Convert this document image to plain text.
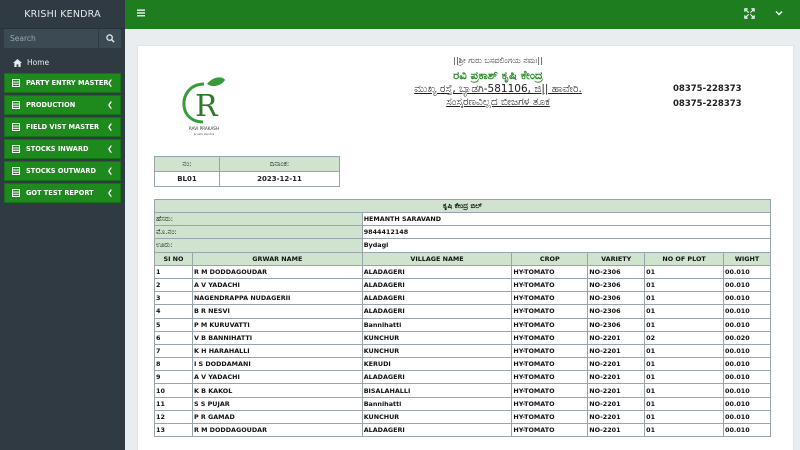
KRISHI KENDRA
Search
Home
PARTY ENTRY MASTER
❮
PRODUCTION	❮
FIELD VIST MASTER ❮
STOCKS INWARD	❮
STOCKS OUTWARD ❮
GOT TEST REPORT ❮
R
RAVI PRAKASH
krushi kendra
||ಶ್ರೀ ಗುರು ಬಸವಲಿಂಗಯ ನಮಃ||
ರವಿ ಪ್ರಕಾಶ್ ಕೃಷಿ ಕೇಂದ್ರ
ಮುಖ್ಯ ರಸ್ತೆ, ಬ್ಯಾಡಗಿ-581106, ಜಿ|| ಹಾವೇರಿ.
ಸಂಸ್ಕರಣವಿಲ್ಲದ ಬೀಜಗಳ ತೂಕ
08375-228373
08375-228373
ನಂ:	ದಿನಾಂಕ:
BL01	2023-12-11
ಕೃಷಿ ಕೇಂದ್ರ ಬಿಲ್						
ಹೆಸರು:		HEMANTH SARAVAND				
ಮೊ.ನಂ:		9844412148				
ಊರು:		Bydagi				
SI NO	GRWAR NAME	VILLAGE NAME	CROP	VARIETY	NO OF PLOT	WIGHT
1	R M DODDAGOUDAR	ALADAGERI	HY-TOMATO	NO-2306	01	00.010
2	A V YADACHI	ALADAGERI	HY-TOMATO	NO-2306	01	00.010
3	NAGENDRAPPA NUDAGERII	ALADAGERI	HY-TOMATO	NO-2306	01	00.010
4	B R NESVI	ALADAGERI	HY-TOMATO	NO-2306	01	00.010
5	P M KURUVATTI	Bannihatti	HY-TOMATO	NO-2306	01	00.010
6	V B BANNIHATTI	KUNCHUR	HY-TOMATO	NO-2201	02	00.020
7	K H HARAHALLI	KUNCHUR	HY-TOMATO	NO-2201	01	00.010
8	I S DODDAMANI	KERUDI	HY-TOMATO	NO-2201	01	00.010
9	A V YADACHI	ALADAGERI	HY-TOMATO	NO-2201	01	00.010
10	K B KAKOL	BISALAHALLI	HY-TOMATO	NO-2201	01	00.010
11	S S PUJAR	Bannihatti	HY-TOMATO	NO-2201	01	00.010
12	P R GAMAD	KUNCHUR	HY-TOMATO	NO-2201	01	00.010
13	R M DODDAGOUDAR	ALADAGERI	HY-TOMATO	NO-2201	01	00.010
